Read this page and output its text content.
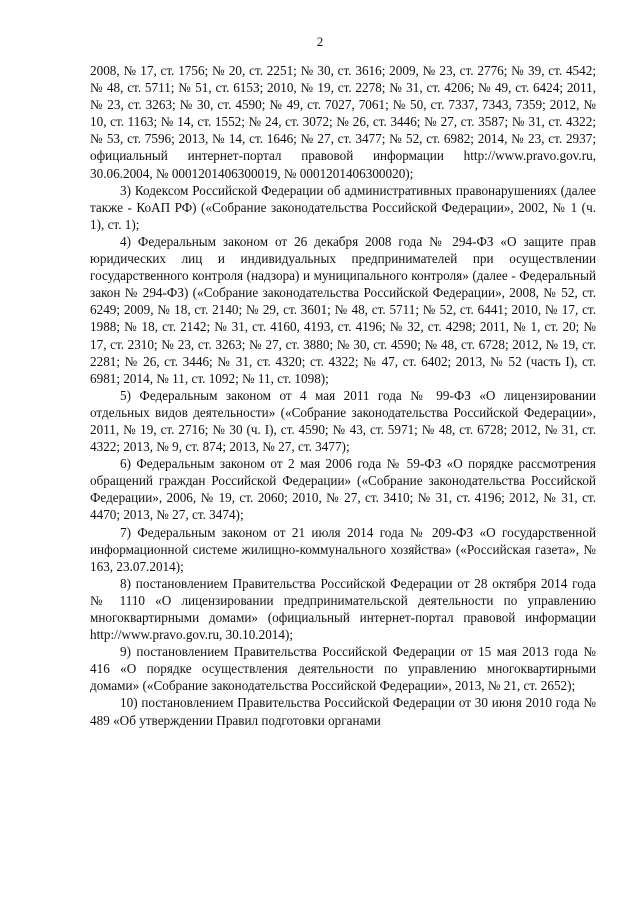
2

2008, № 17, ст. 1756; № 20, ст. 2251; № 30, ст. 3616; 2009, № 23, ст. 2776; № 39, ст. 4542; № 48, ст. 5711; № 51, ст. 6153; 2010, № 19, ст. 2278; № 31, ст. 4206; № 49, ст. 6424; 2011, № 23, ст. 3263; № 30, ст. 4590; № 49, ст. 7027, 7061; № 50, ст. 7337, 7343, 7359; 2012, № 10, ст. 1163; № 14, ст. 1552; № 24, ст. 3072; № 26, ст. 3446; № 27, ст. 3587; № 31, ст. 4322; № 53, ст. 7596; 2013, № 14, ст. 1646; № 27, ст. 3477; № 52, ст. 6982; 2014, № 23, ст. 2937; официальный интернет-портал правовой информации http://www.pravo.gov.ru, 30.06.2004, № 0001201406300019, № 0001201406300020);

3) Кодексом Российской Федерации об административных правонарушениях (далее также - КоАП РФ) («Собрание законодательства Российской Федерации», 2002, № 1 (ч. 1), ст. 1);

4) Федеральным законом от 26 декабря 2008 года № 294-ФЗ «О защите прав юридических лиц и индивидуальных предпринимателей при осуществлении государственного контроля (надзора) и муниципального контроля» (далее - Федеральный закон № 294-ФЗ) («Собрание законодательства Российской Федерации», 2008, № 52, ст. 6249; 2009, № 18, ст. 2140; № 29, ст. 3601; № 48, ст. 5711; № 52, ст. 6441; 2010, № 17, ст. 1988; № 18, ст. 2142; № 31, ст. 4160, 4193, ст. 4196; № 32, ст. 4298; 2011, № 1, ст. 20; № 17, ст. 2310; № 23, ст. 3263; № 27, ст. 3880; № 30, ст. 4590; № 48, ст. 6728; 2012, № 19, ст. 2281; № 26, ст. 3446; № 31, ст. 4320; ст. 4322; № 47, ст. 6402; 2013, № 52 (часть I), ст. 6981; 2014, № 11, ст. 1092; № 11, ст. 1098);

5) Федеральным законом от 4 мая 2011 года № 99-ФЗ «О лицензировании отдельных видов деятельности» («Собрание законодательства Российской Федерации», 2011, № 19, ст. 2716; № 30 (ч. I), ст. 4590; № 43, ст. 5971; № 48, ст. 6728; 2012, № 31, ст. 4322; 2013, № 9, ст. 874; 2013, № 27, ст. 3477);

6) Федеральным законом от 2 мая 2006 года № 59-ФЗ «О порядке рассмотрения обращений граждан Российской Федерации» («Собрание законодательства Российской Федерации», 2006, № 19, ст. 2060; 2010, № 27, ст. 3410; № 31, ст. 4196; 2012, № 31, ст. 4470; 2013, № 27, ст. 3474);

7) Федеральным законом от 21 июля 2014 года № 209-ФЗ «О государственной информационной системе жилищно-коммунального хозяйства» («Российская газета», № 163, 23.07.2014);

8) постановлением Правительства Российской Федерации от 28 октября 2014 года № 1110 «О лицензировании предпринимательской деятельности по управлению многоквартирными домами» (официальный интернет-портал правовой информации http://www.pravo.gov.ru, 30.10.2014);

9) постановлением Правительства Российской Федерации от 15 мая 2013 года № 416 «О порядке осуществления деятельности по управлению многоквартирными домами» («Собрание законодательства Российской Федерации», 2013, № 21, ст. 2652);

10) постановлением Правительства Российской Федерации от 30 июня 2010 года № 489 «Об утверждении Правил подготовки органами
